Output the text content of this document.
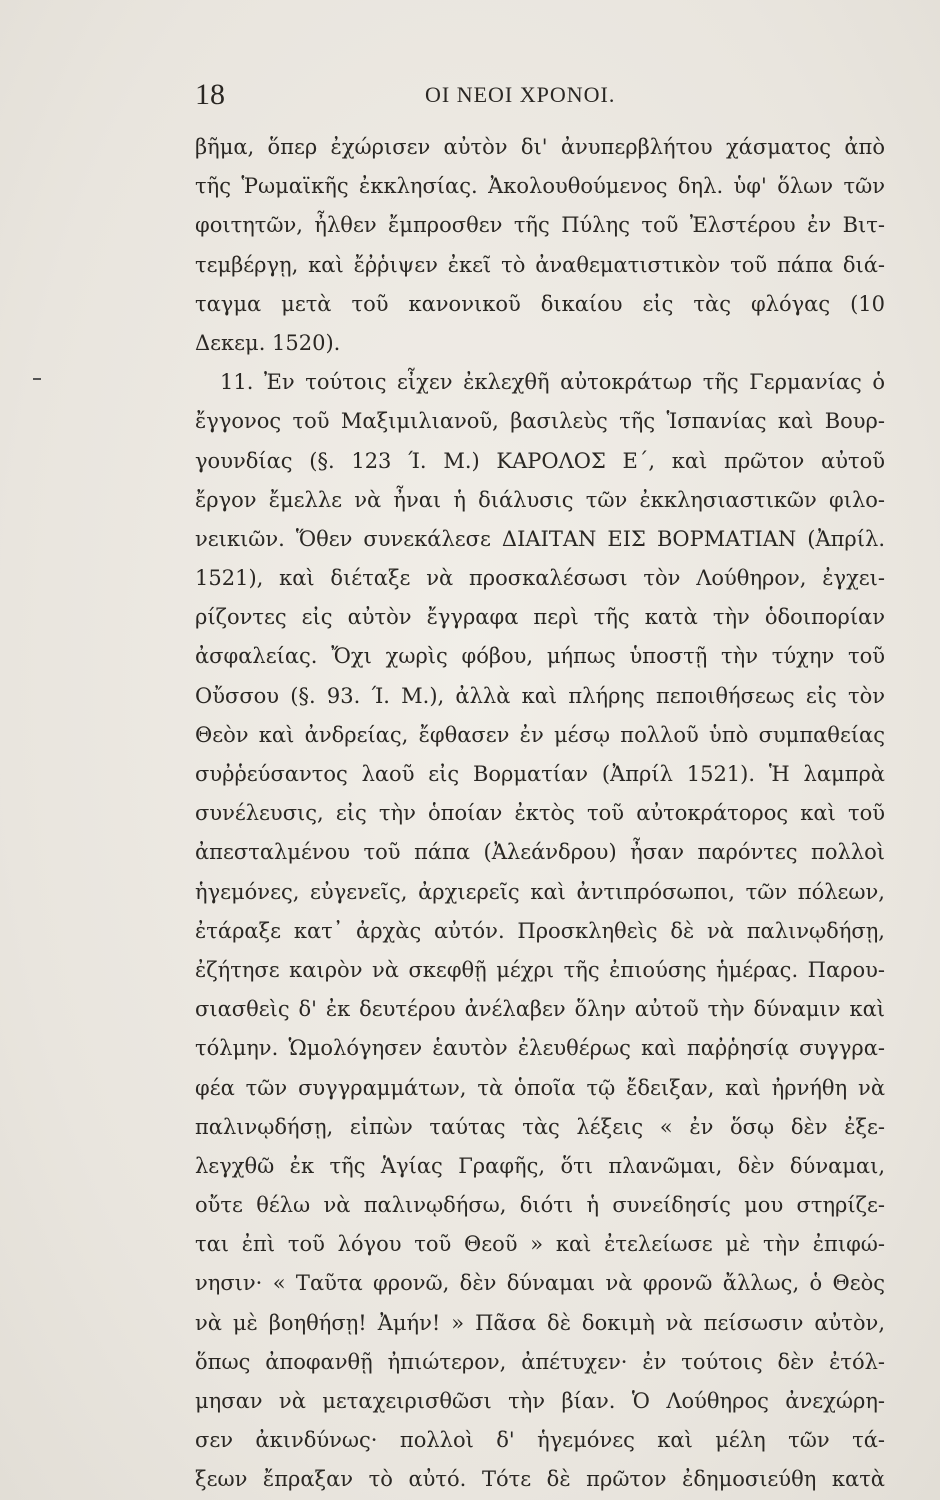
18	ΟΙ ΝΕΟΙ ΧΡΟΝΟΙ.
βῆμα, ὅπερ ἐχώρισεν αὐτὸν δι' ἀνυπερβλήτου χάσματος ἀπὸ
τῆς Ῥωμαϊκῆς ἐκκλησίας. Ἀκολουθούμενος δηλ. ὑφ' ὅλων τῶν
φοιτητῶν, ἦλθεν ἔμπροσθεν τῆς Πύλης τοῦ Ἐλστέρου ἐν Βιτ-
τεμβέργῃ, καὶ ἔῤῥιψεν ἐκεῖ τὸ ἀναθεματιστικὸν τοῦ πάπα διά-
ταγμα μετὰ τοῦ κανονικοῦ δικαίου εἰς τὰς φλόγας (10
Δεκεμ. 1520).
11. Ἐν τούτοις εἶχεν ἐκλεχθῆ αὐτοκράτωρ τῆς Γερμανίας ὁ
ἔγγονος τοῦ Μαξιμιλιανοῦ, βασιλεὺς τῆς Ἱσπανίας καὶ Βουρ-
γουνδίας (§. 123 Ί. Μ.) ΚΑΡΟΛΟΣ Ε΄, καὶ πρῶτον αὐτοῦ
ἔργον ἔμελλε νὰ ἦναι ἡ διάλυσις τῶν ἐκκλησιαστικῶν φιλο-
νεικιῶν. Ὅθεν συνεκάλεσε ΔΙΑΙΤΑΝ ΕΙΣ ΒΟΡΜΑΤΙΑΝ (Ἀπρίλ.
1521), καὶ διέταξε νὰ προσκαλέσωσι τὸν Λούθηρον, ἐγχει-
ρίζοντες εἰς αὐτὸν ἔγγραφα περὶ τῆς κατὰ τὴν ὁδοιπορίαν
ἀσφαλείας. Ὄχι χωρὶς φόβου, μήπως ὑποστῇ τὴν τύχην τοῦ
Οὔσσου (§. 93. Ί. Μ.), ἀλλὰ καὶ πλήρης πεποιθήσεως εἰς τὸν
Θεὸν καὶ ἀνδρείας, ἔφθασεν ἐν μέσῳ πολλοῦ ὑπὸ συμπαθείας
συῤῥεύσαντος λαοῦ εἰς Βορματίαν (Ἀπρίλ 1521). Ἡ λαμπρὰ
συνέλευσις, εἰς τὴν ὁποίαν ἐκτὸς τοῦ αὐτοκράτορος καὶ τοῦ
ἀπεσταλμένου τοῦ πάπα (Ἀλεάνδρου) ἦσαν παρόντες πολλοὶ
ἡγεμόνες, εὐγενεῖς, ἀρχιερεῖς καὶ ἀντιπρόσωποι, τῶν πόλεων,
ἐτάραξε κατ᾽ ἀρχὰς αὐτόν. Προσκληθεὶς δὲ νὰ παλινῳδήσῃ,
ἐζήτησε καιρὸν νὰ σκεφθῇ μέχρι τῆς ἐπιούσης ἡμέρας. Παρου-
σιασθεὶς δ' ἐκ δευτέρου ἀνέλαβεν ὅλην αὐτοῦ τὴν δύναμιν καὶ
τόλμην. Ὡμολόγησεν ἑαυτὸν ἐλευθέρως καὶ παῤῥησίᾳ συγγρα-
φέα τῶν συγγραμμάτων, τὰ ὁποῖα τῷ ἔδειξαν, καὶ ἠρνήθη νὰ
παλινῳδήσῃ, εἰπὼν ταύτας τὰς λέξεις « ἐν ὅσῳ δὲν ἐξε-
λεγχθῶ ἐκ τῆς Ἁγίας Γραφῆς, ὅτι πλανῶμαι, δὲν δύναμαι,
οὔτε θέλω νὰ παλινῳδήσω, διότι ἡ συνείδησίς μου στηρίζε-
ται ἐπὶ τοῦ λόγου τοῦ Θεοῦ » καὶ ἐτελείωσε μὲ τὴν ἐπιφώ-
νησιν· « Ταῦτα φρονῶ, δὲν δύναμαι νὰ φρονῶ ἄλλως, ὁ Θεὸς
νὰ μὲ βοηθήσῃ! Ἀμήν! » Πᾶσα δὲ δοκιμὴ νὰ πείσωσιν αὐτὸν,
ὅπως ἀποφανθῇ ἠπιώτερον, ἀπέτυχεν· ἐν τούτοις δὲν ἐτόλ-
μησαν νὰ μεταχειρισθῶσι τὴν βίαν. Ὁ Λούθηρος ἀνεχώρη-
σεν ἀκινδύνως· πολλοὶ δ' ἡγεμόνες καὶ μέλη τῶν τά-
ξεων ἔπραξαν τὸ αὐτό. Τότε δὲ πρῶτον ἐδημοσιεύθη κατὰ
